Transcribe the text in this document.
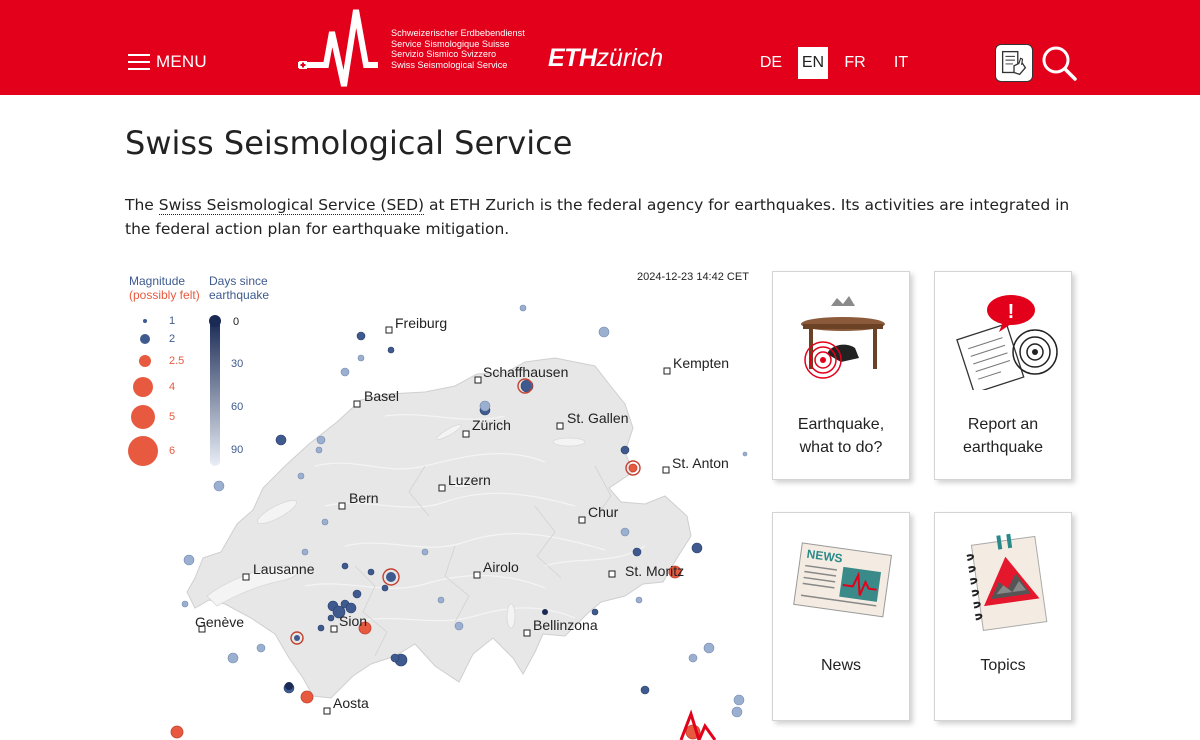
MENU
Schweizerischer Erdbebendienst
Service Sismologique Suisse
Servizio Sismico Svizzero
Swiss Seismological Service	ETHzürich	DE	EN	FR	IT
Swiss Seismological Service

The Swiss Seismological Service (SED) at ETH Zurich is the federal agency for earthquakes. Its activities are integrated in the federal action plan for earthquake mitigation.

Magnitude
(possibly felt)
Days since
earthquake
1
2
2.5
4
5
6
0
30
60
90
Freiburg
Schaffhausen
Kempten
Basel
Zürich	St. Gallen
St. Anton
Luzern
Bern
Chur
Lausanne	Airolo	St. Moritz
Genève	Sion	Bellinzona
Aosta
2024-12-23 14:42 CET
Earthquake,
what to do?
!
Report an
earthquake
NEWS
News	Topics
